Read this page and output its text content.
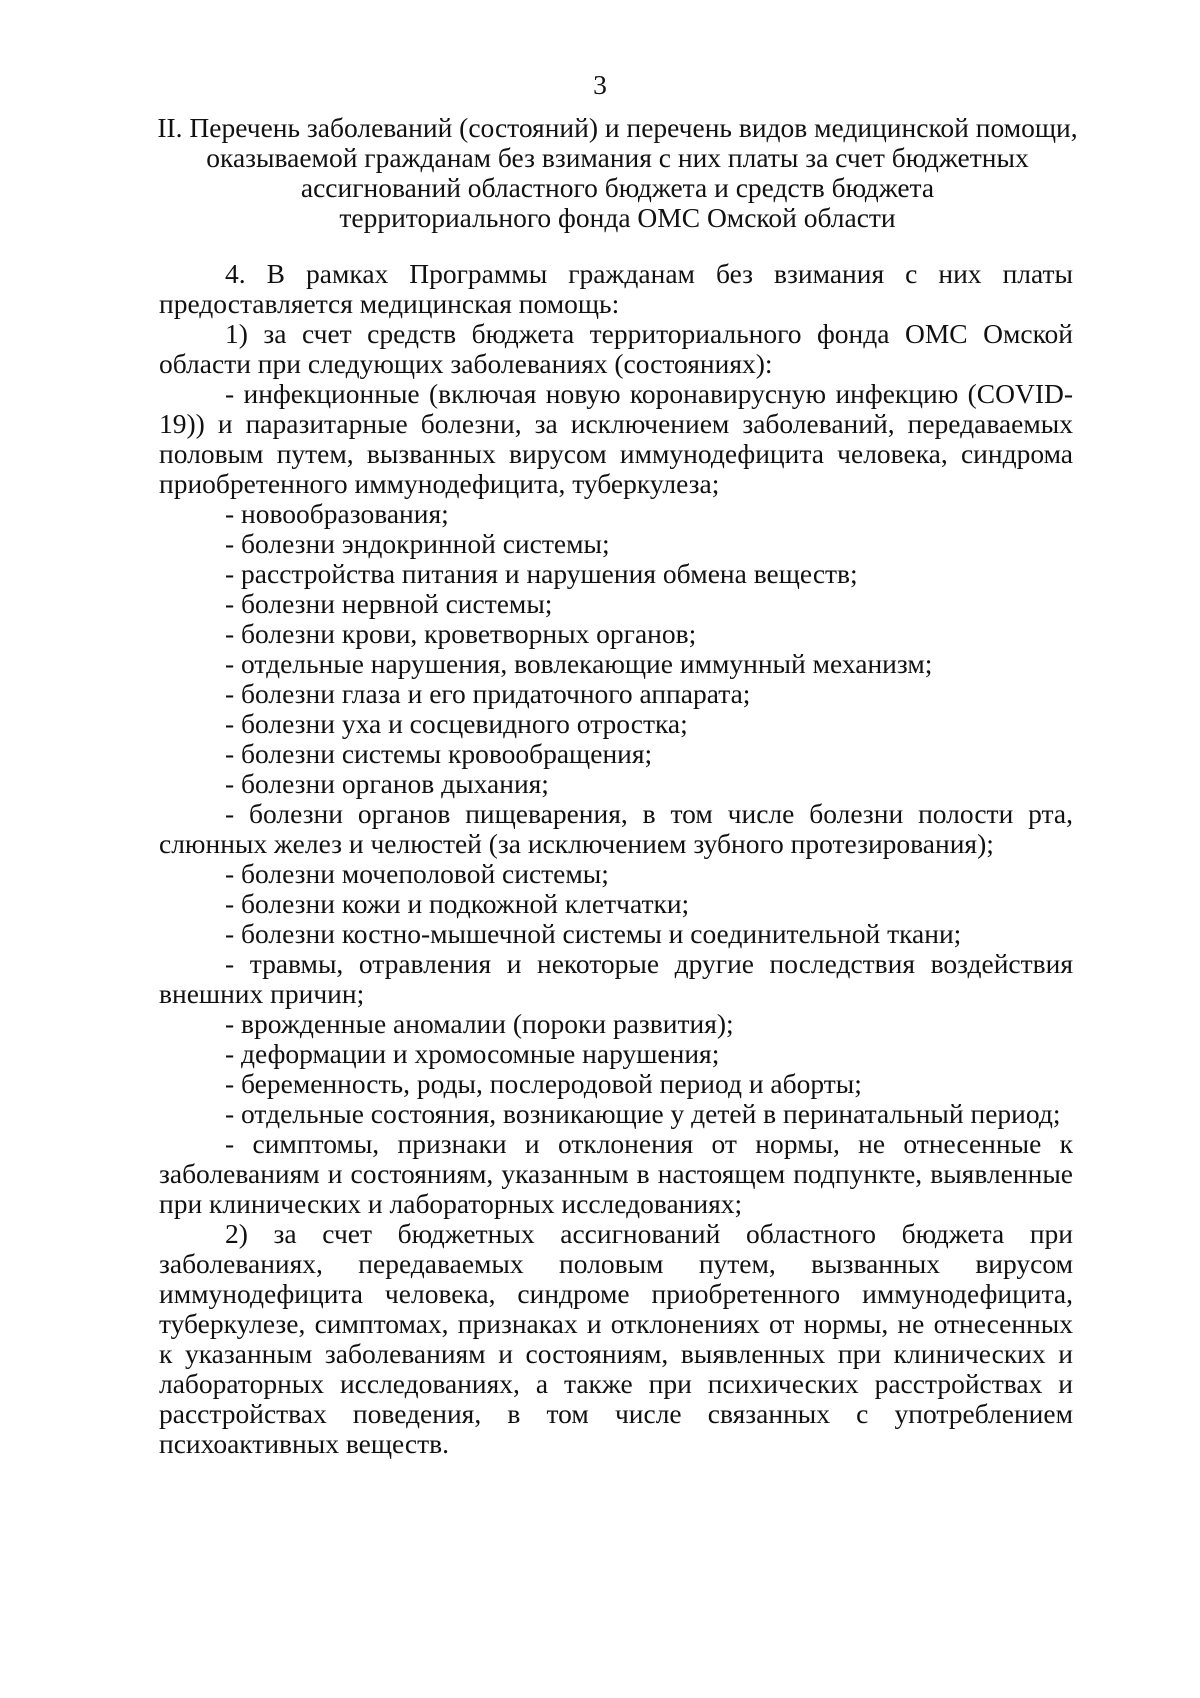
3
II. Перечень заболеваний (состояний) и перечень видов медицинской помощи,
оказываемой гражданам без взимания с них платы за счет бюджетных
ассигнований областного бюджета и средств бюджета
территориального фонда ОМС Омской области

4. В рамках Программы гражданам без взимания с них платы предоставляется медицинская помощь:

1) за счет средств бюджета территориального фонда ОМС Омской области при следующих заболеваниях (состояниях):

- инфекционные (включая новую коронавирусную инфекцию (COVID-19)) и паразитарные болезни, за исключением заболеваний, передаваемых половым путем, вызванных вирусом иммунодефицита человека, синдрома приобретенного иммунодефицита, туберкулеза;

- новообразования;

- болезни эндокринной системы;

- расстройства питания и нарушения обмена веществ;

- болезни нервной системы;

- болезни крови, кроветворных органов;

- отдельные нарушения, вовлекающие иммунный механизм;

- болезни глаза и его придаточного аппарата;

- болезни уха и сосцевидного отростка;

- болезни системы кровообращения;

- болезни органов дыхания;

- болезни органов пищеварения, в том числе болезни полости рта, слюнных желез и челюстей (за исключением зубного протезирования);

- болезни мочеполовой системы;

- болезни кожи и подкожной клетчатки;

- болезни костно-мышечной системы и соединительной ткани;

- травмы, отравления и некоторые другие последствия воздействия внешних причин;

- врожденные аномалии (пороки развития);

- деформации и хромосомные нарушения;

- беременность, роды, послеродовой период и аборты;

- отдельные состояния, возникающие у детей в перинатальный период;

- симптомы, признаки и отклонения от нормы, не отнесенные к заболеваниям и состояниям, указанным в настоящем подпункте, выявленные при клинических и лабораторных исследованиях;

2) за счет бюджетных ассигнований областного бюджета при заболеваниях, передаваемых половым путем, вызванных вирусом иммунодефицита человека, синдроме приобретенного иммунодефицита, туберкулезе, симптомах, признаках и отклонениях от нормы, не отнесенных к указанным заболеваниям и состояниям, выявленных при клинических и лабораторных исследованиях, а также при психических расстройствах и расстройствах поведения, в том числе связанных с употреблением психоактивных веществ.
